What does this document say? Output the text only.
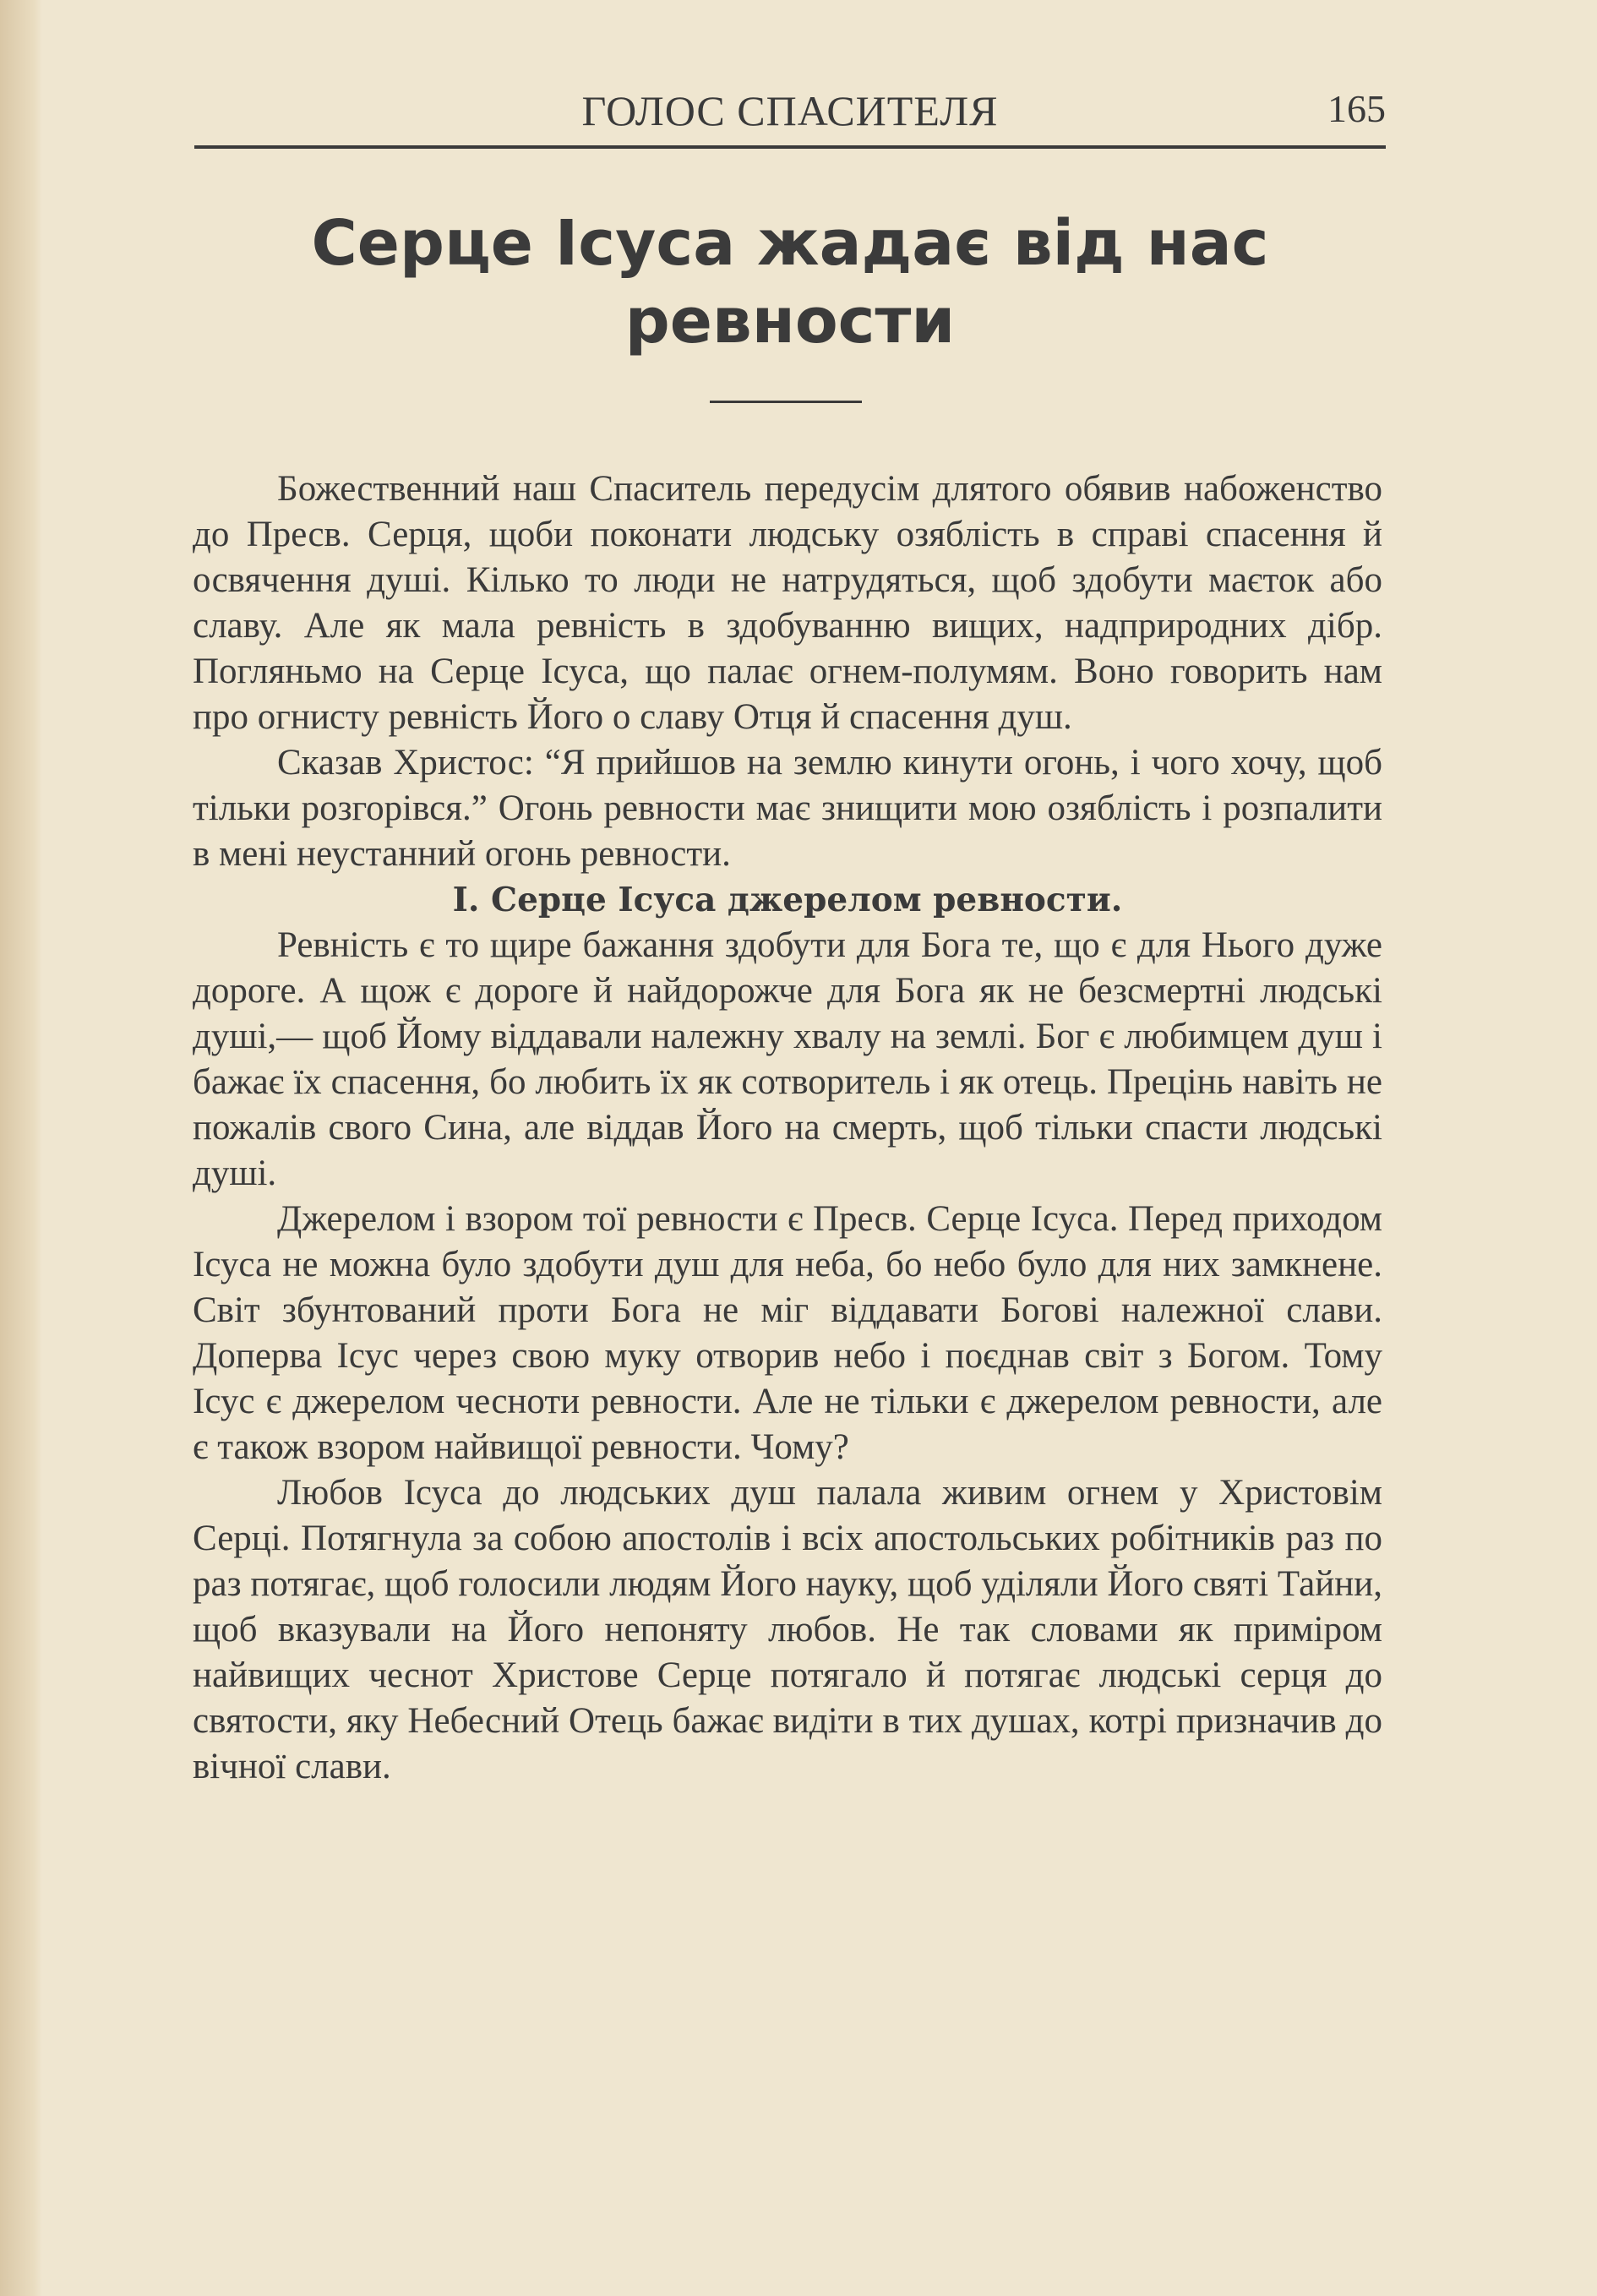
ГОЛОС СПАСИТЕЛЯ	165
Серце Ісуса жадає від нас ревности

Божественний наш Спаситель передусім длятого обявив набоженство до Пресв. Серця, щоби поконати людську озяблість в справі спасення й освячення душі. Кілько то люди не натрудяться, щоб здобути маєток або славу. Але як мала ревність в здобуванню вищих, надприродних дібр. Погляньмо на Серце Ісуса, що палає огнем-полумям. Воно говорить нам про огнисту ревність Його о славу Отця й спасення душ.

Сказав Христос: “Я прийшов на землю кинути огонь, і чого хочу, щоб тільки розгорівся.” Огонь ревности має знищити мою озяблість і розпалити в мені неустанний огонь ревности.

I. Серце Ісуса джерелом ревности.

Ревність є то щире бажання здобути для Бога те, що є для Нього дуже дороге. А щож є дороге й найдорожче для Бога як не безсмертні людські душі,— щоб Йому віддавали належну хвалу на землі. Бог є любимцем душ і бажає їх спасення, бо любить їх як сотворитель і як отець. Прецінь навіть не пожалів свого Сина, але віддав Його на смерть, щоб тільки спасти людські душі.

Джерелом і взором тої ревности є Пресв. Серце Ісуса. Перед приходом Ісуса не можна було здобути душ для неба, бо небо було для них замкнене. Світ збунтований проти Бога не міг віддавати Богові належної слави. Доперва Ісус через свою муку отворив небо і поєднав світ з Богом. Тому Ісус є джерелом чесноти ревности. Але не тільки є джерелом ревности, але є також взором найвищої ревности. Чому?

Любов Ісуса до людських душ палала живим огнем у Христовім Серці. Потягнула за собою апостолів і всіх апостольських робітників раз по раз потягає, щоб голосили людям Його науку, щоб уділяли Його святі Тайни, щоб вказували на Його непоняту любов. Не так словами як приміром найвищих чеснот Христове Серце потягало й потягає людські серця до святости, яку Небесний Отець бажає видіти в тих душах, котрі призначив до вічної слави.
